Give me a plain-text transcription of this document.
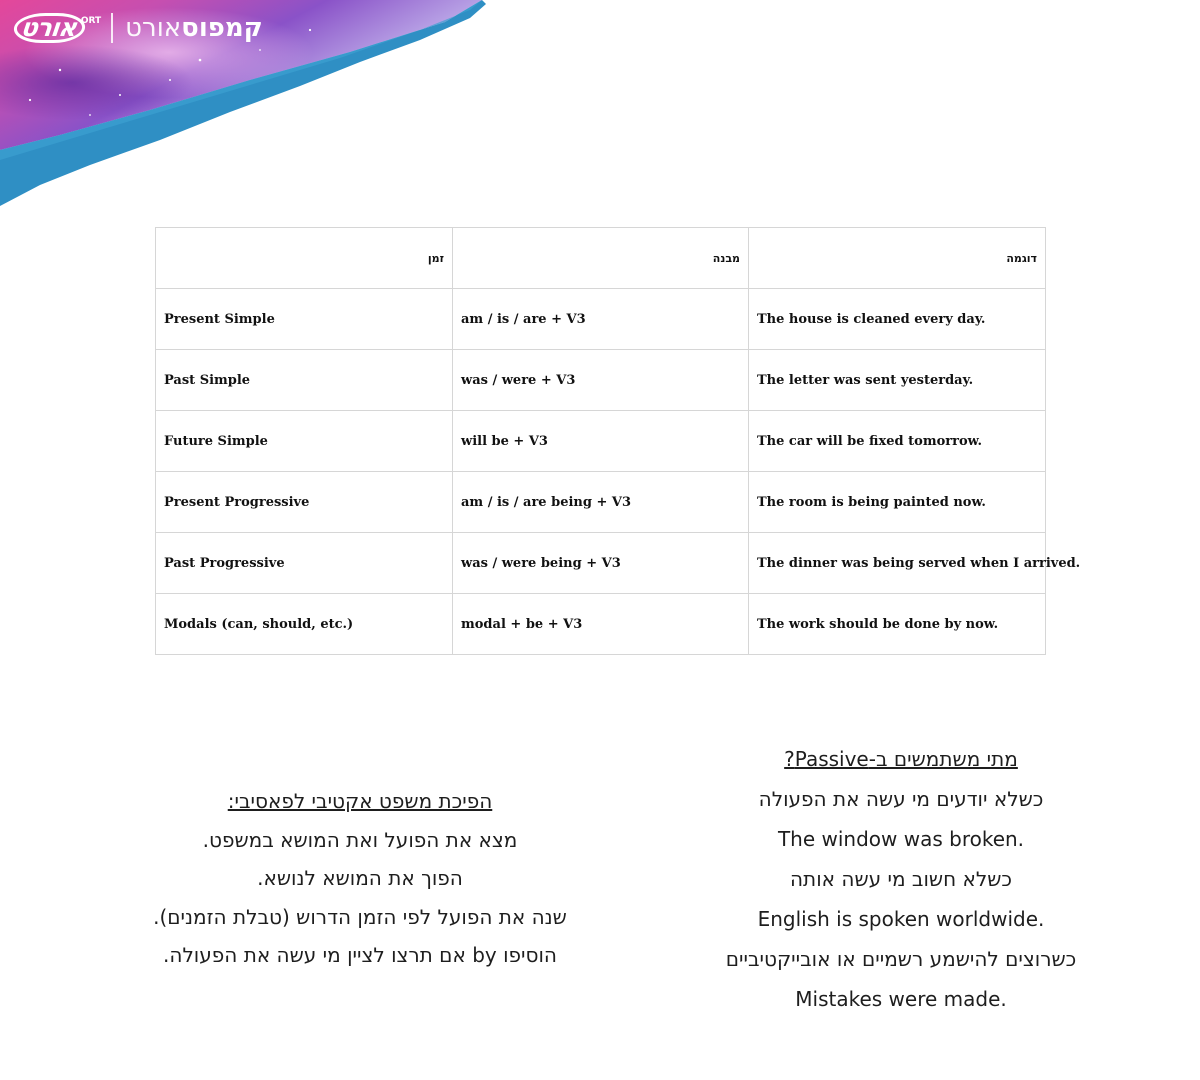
אורט ORT	קמפוס
אורט
זמן	מבנה	דוגמה

Present Simple	am / is / are + V3	The house is cleaned every day.
Past Simple	was / were + V3	The letter was sent yesterday.
Future Simple	will be + V3	The car will be fixed tomorrow.
Present Progressive	am / is / are being + V3	The room is being painted now.
Past Progressive	was / were being + V3	The dinner was being served when I arrived.
Modals (can, should, etc.)	modal + be + V3	The work should be done by now.

מתי משתמשים ב-Passive?

כשלא יודעים מי עשה את הפעולה

The window was broken.

כשלא חשוב מי עשה אותה

English is spoken worldwide.

כשרוצים להישמע רשמיים או אובייקטיביים

Mistakes were made.

הפיכת משפט אקטיבי לפאסיבי:

מצא את הפועל ואת המושא במשפט.

הפוך את המושא לנושא.

שנה את הפועל לפי הזמן הדרוש (טבלת הזמנים).

הוסיפו by אם תרצו לציין מי עשה את הפעולה.
